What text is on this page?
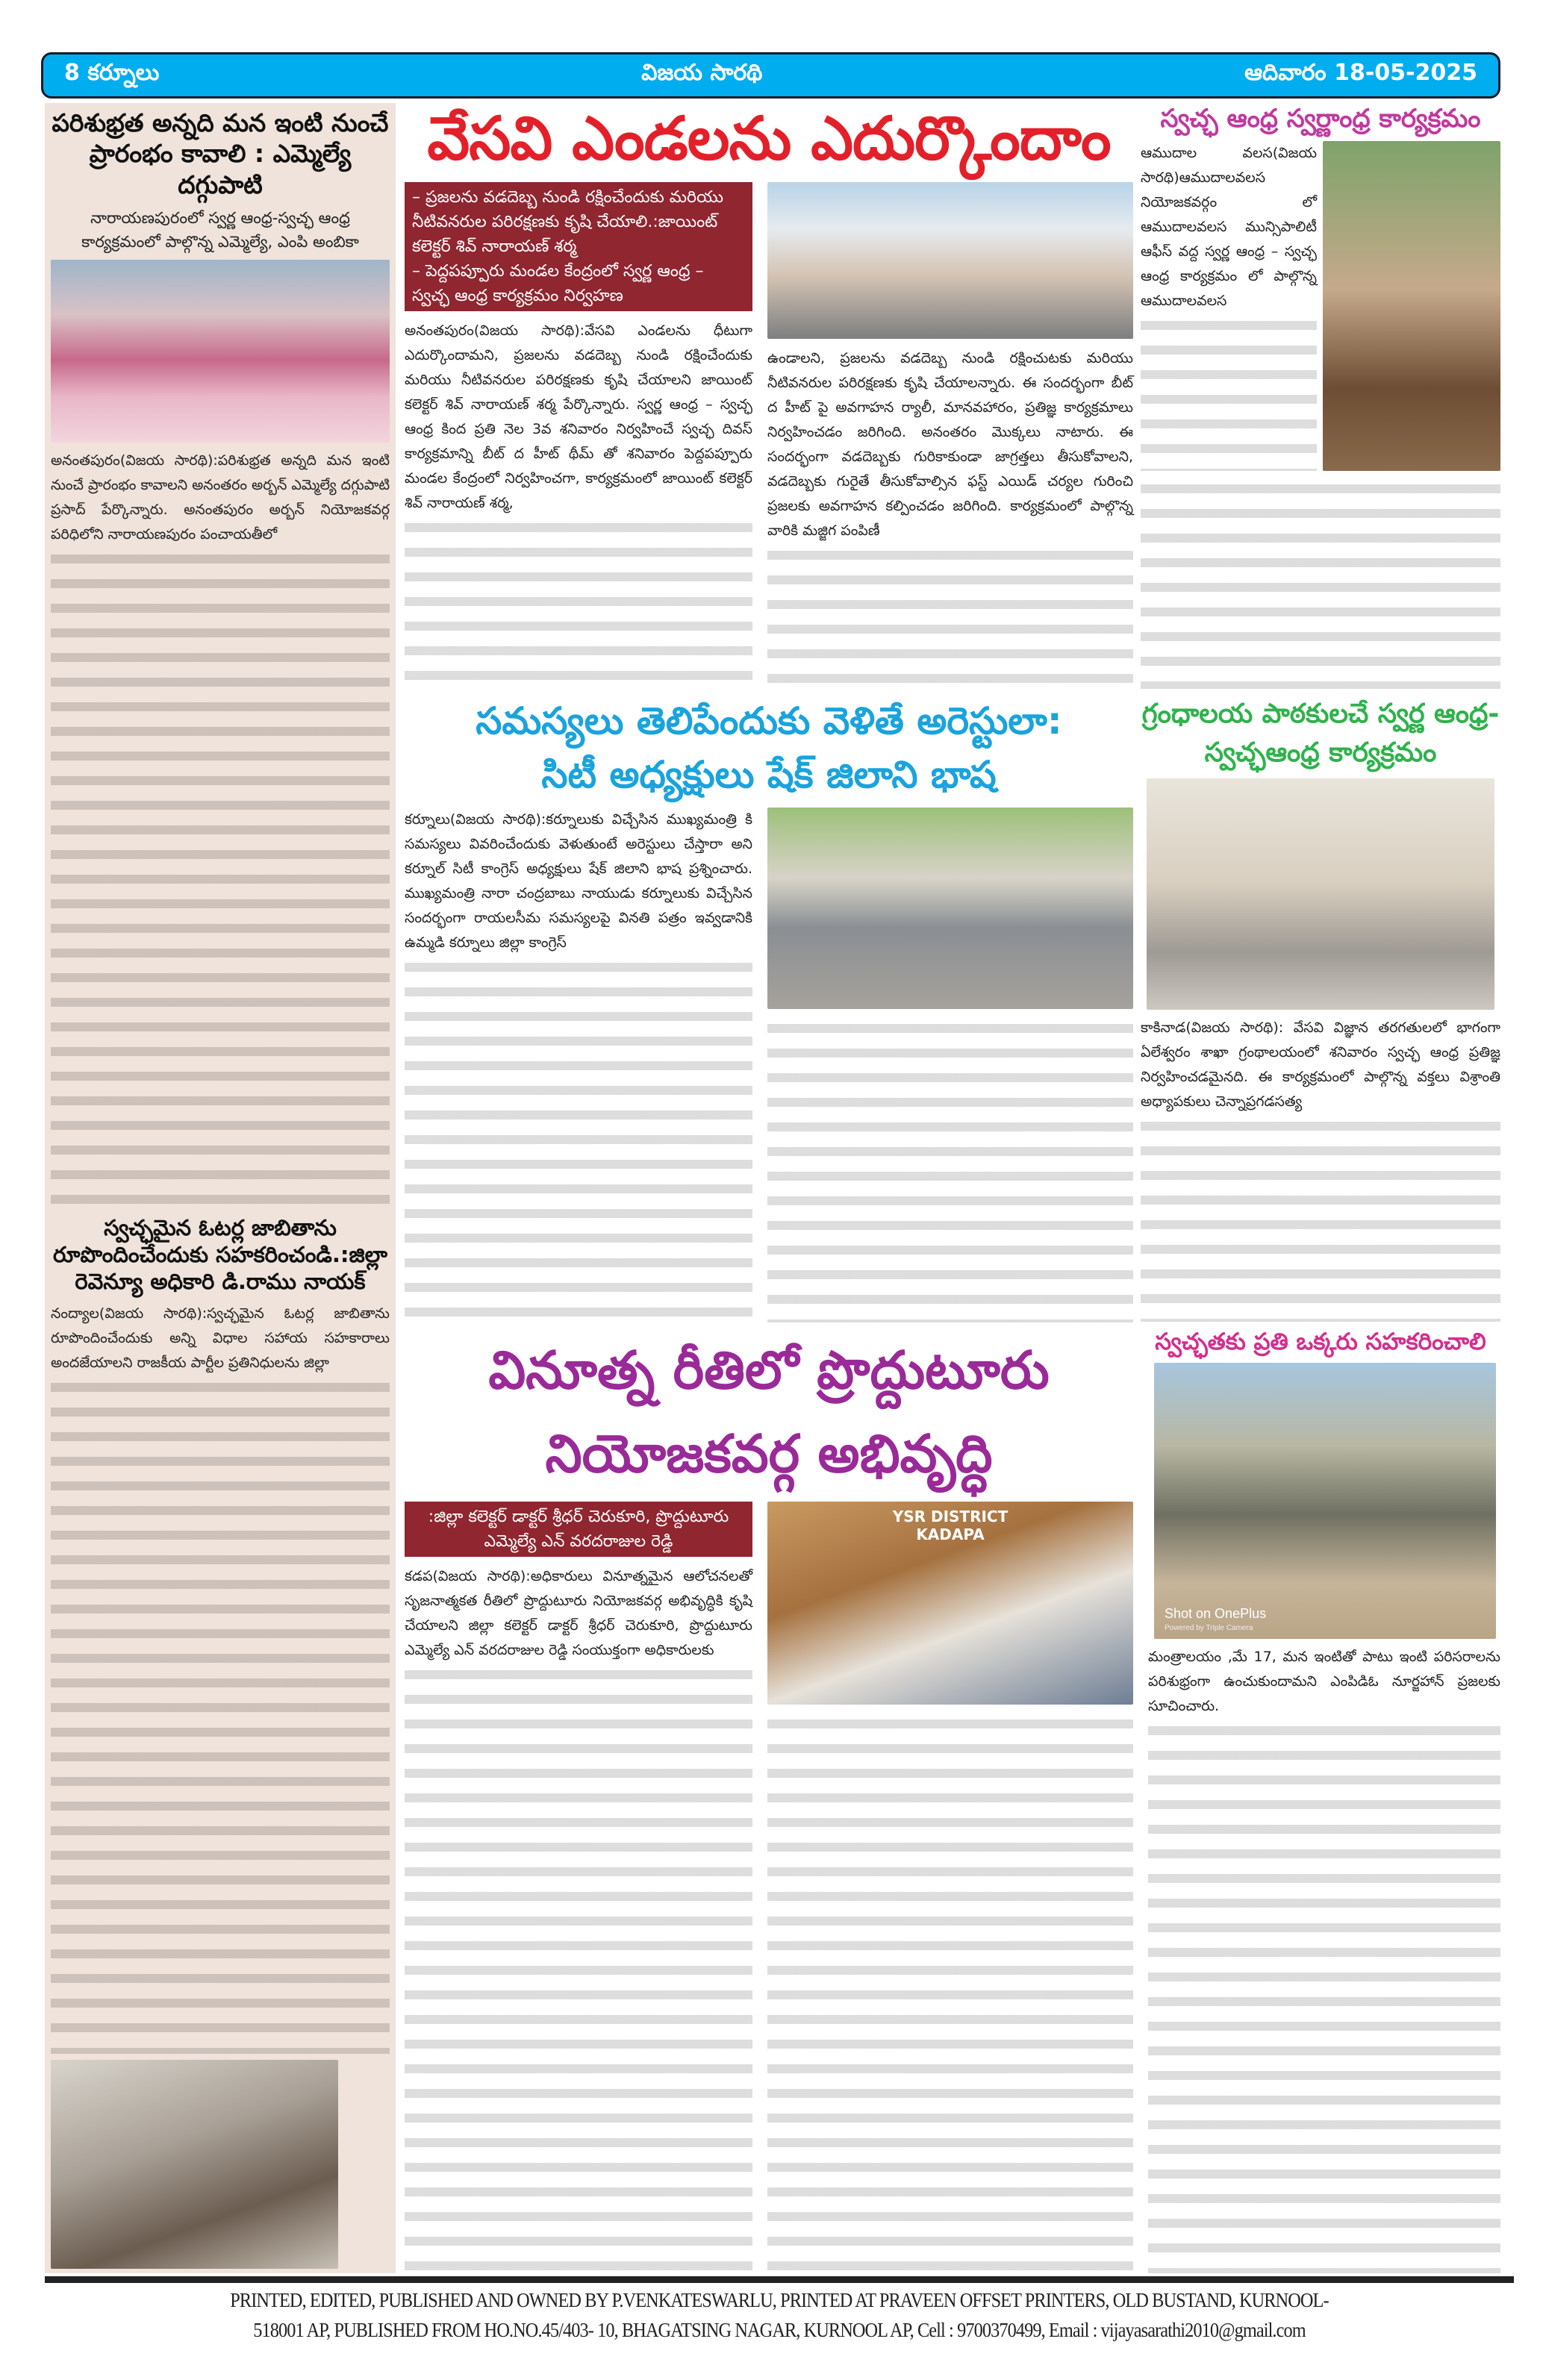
8 కర్నూలు	విజయ సారథి	ఆదివారం 18-05-2025
పరిశుభ్రత అన్నది మన ఇంటి నుంచే ప్రారంభం కావాలి : ఎమ్మెల్యే దగ్గుపాటి
నారాయణపురంలో స్వర్ణ ఆంధ్ర-స్వచ్ఛ ఆంధ్ర కార్యక్రమంలో పాల్గొన్న ఎమ్మెల్యే, ఎంపి అంబికా

అనంతపురం(విజయ సారథి):పరిశుభ్రత అన్నది మన ఇంటి నుంచే ప్రారంభం కావాలని అనంతరం అర్బన్ ఎమ్మెల్యే దగ్గుపాటి ప్రసాద్ పేర్కొన్నారు. అనంతపురం అర్బన్ నియోజకవర్గ పరిధిలోని నారాయణపురం పంచాయతీలో

స్వచ్ఛమైన ఓటర్ల జాబితాను రూపొందించేందుకు సహకరించండి.:జిల్లా రెవెన్యూ అధికారి డి.రాము నాయక్

నంద్యాల(విజయ సారథి):స్వచ్ఛమైన ఓటర్ల జాబితాను రూపొందించేందుకు అన్ని విధాల సహాయ సహకారాలు అందజేయాలని రాజకీయ పార్టీల ప్రతినిధులను జిల్లా

వేసవి ఎండలను ఎదుర్కొందాం
– ప్రజలను వడదెబ్బ నుండి రక్షించేందుకు మరియు నీటివనరుల పరిరక్షణకు కృషి చేయాలి.:జాయింట్ కలెక్టర్ శివ్ నారాయణ్ శర్మ
– పెద్దపప్పూరు మండల కేంద్రంలో స్వర్ణ ఆంధ్ర – స్వచ్ఛ ఆంధ్ర కార్యక్రమం నిర్వహణ

అనంతపురం(విజయ సారథి):వేసవి ఎండలను ధీటుగా ఎదుర్కొందామని, ప్రజలను వడదెబ్బ నుండి రక్షించేందుకు మరియు నీటివనరుల పరిరక్షణకు కృషి చేయాలని జాయింట్ కలెక్టర్ శివ్ నారాయణ్ శర్మ పేర్కొన్నారు. స్వర్ణ ఆంధ్ర – స్వచ్ఛ ఆంధ్ర కింద ప్రతి నెల 3వ శనివారం నిర్వహించే స్వచ్ఛ దివస్ కార్యక్రమాన్ని బీట్ ద హీట్ థీమ్ తో శనివారం పెద్దపప్పూరు మండల కేంద్రంలో నిర్వహించగా, కార్యక్రమంలో జాయింట్ కలెక్టర్ శివ్ నారాయణ్ శర్మ,

ఉండాలని, ప్రజలను వడదెబ్బ నుండి రక్షించుటకు మరియు నీటివనరుల పరిరక్షణకు కృషి చేయాలన్నారు. ఈ సందర్భంగా బీట్ ద హీట్ పై అవగాహన ర్యాలీ, మానవహారం, ప్రతిజ్ఞ కార్యక్రమాలు నిర్వహించడం జరిగింది. అనంతరం మొక్కలు నాటారు. ఈ సందర్భంగా వడదెబ్బకు గురికాకుండా జాగ్రత్తలు తీసుకోవాలని, వడదెబ్బకు గురైతే తీసుకోవాల్సిన ఫస్ట్ ఎయిడ్ చర్యల గురించి ప్రజలకు అవగాహన కల్పించడం జరిగింది. కార్యక్రమంలో పాల్గొన్న వారికి మజ్జిగ పంపిణీ

సమస్యలు తెలిపేందుకు వెళితే అరెస్టులా:
సిటీ అధ్యక్షులు షేక్ జిలాని భాష

కర్నూలు(విజయ సారథి):కర్నూలుకు విచ్చేసిన ముఖ్యమంత్రి కి సమస్యలు వివరించేందుకు వెళుతుంటే అరెస్టులు చేస్తారా అని కర్నూల్ సిటీ కాంగ్రెస్ అధ్యక్షులు షేక్ జిలాని భాష ప్రశ్నించారు. ముఖ్యమంత్రి నారా చంద్రబాబు నాయుడు కర్నూలుకు విచ్చేసిన సందర్భంగా రాయలసీమ సమస్యలపై వినతి పత్రం ఇవ్వడానికి ఉమ్మడి కర్నూలు జిల్లా కాంగ్రెస్

వినూత్న రీతిలో ప్రొద్దుటూరు
నియోజకవర్గ అభివృద్ధి
:జిల్లా కలెక్టర్ డాక్టర్ శ్రీధర్ చెరుకూరి, ప్రొద్దుటూరు ఎమ్మెల్యే ఎన్ వరదరాజుల రెడ్డి

కడప(విజయ సారథి):అధికారులు వినూత్నమైన ఆలోచనలతో సృజనాత్మకత రీతిలో ప్రొద్దుటూరు నియోజకవర్గ అభివృద్ధికి కృషి చేయాలని జిల్లా కలెక్టర్ డాక్టర్ శ్రీధర్ చెరుకూరి, ప్రొద్దుటూరు ఎమ్మెల్యే ఎన్ వరదరాజుల రెడ్డి సంయుక్తంగా అధికారులకు

YSR DISTRICT KADAPA
స్వచ్ఛ ఆంధ్ర స్వర్ణాంధ్ర కార్యక్రమం

ఆముదాల వలస(విజయ సారథి)ఆముదాలవలస నియోజకవర్గం లో ఆముదాలవలస మున్సిపాలిటీ ఆఫీస్ వద్ద స్వర్ణ ఆంధ్ర – స్వచ్ఛ ఆంధ్ర కార్యక్రమం లో పాల్గొన్న ఆముదాలవలస

గ్రంధాలయ పాఠకులచే స్వర్ణ ఆంధ్ర- స్వచ్ఛఆంధ్ర కార్యక్రమం

కాకినాడ(విజయ సారథి): వేసవి విజ్ఞాన తరగతులలో భాగంగా ఏలేశ్వరం శాఖా గ్రంథాలయంలో శనివారం స్వచ్ఛ ఆంధ్ర ప్రతిజ్ఞ నిర్వహించడమైనది. ఈ కార్యక్రమంలో పాల్గొన్న వక్తలు విశ్రాంతి అధ్యాపకులు చెన్నాప్రగడసత్య

స్వచ్ఛతకు ప్రతి ఒక్కరు సహకరించాలి
Shot on OnePlus
Powered by Triple Camera

మంత్రాలయం ,మే 17, మన ఇంటితో పాటు ఇంటి పరిసరాలను పరిశుభ్రంగా ఉంచుకుందామని ఎంపిడిఓ నూర్జహాన్ ప్రజలకు సూచించారు.

PRINTED, EDITED, PUBLISHED AND OWNED BY P.VENKATESWARLU, PRINTED AT PRAVEEN OFFSET PRINTERS, OLD BUSTAND, KURNOOL-
518001 AP, PUBLISHED FROM HO.NO.45/403- 10, BHAGATSING NAGAR, KURNOOL AP, Cell : 9700370499, Email : vijayasarathi2010@gmail.com
